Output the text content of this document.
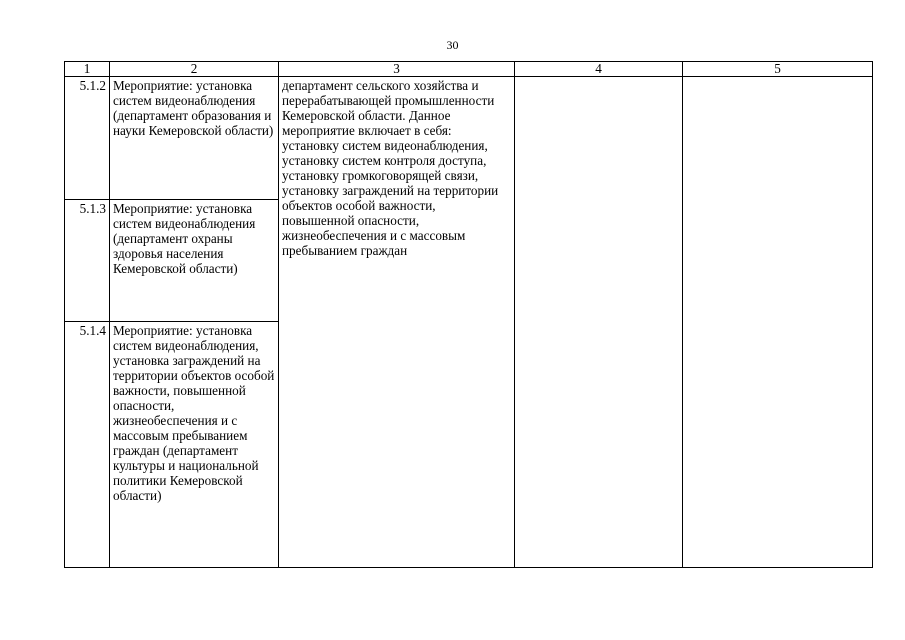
30
1	2	3	4	5
5.1.2	Мероприятие: установка систем видеонаблюдения (департамент образования и науки Кемеровской области)	департамент сельского хозяйства и перерабатывающей промышленности Кемеровской области. Данное мероприятие включает в себя: установку систем видеонаблюдения, установку систем контроля доступа, установку громкоговорящей связи, установку заграждений на территории объектов особой важности, повышенной опасности, жизнеобеспечения и с массовым пребыванием граждан		
5.1.3	Мероприятие: установка систем видеонаблюдения (департамент охраны здоровья населения Кемеровской области)			
5.1.4	Мероприятие: установка систем видеонаблюдения, установка заграждений на территории объектов особой важности, повышенной опасности, жизнеобеспечения и с массовым пребыванием граждан (департамент культуры и национальной политики Кемеровской области)			
